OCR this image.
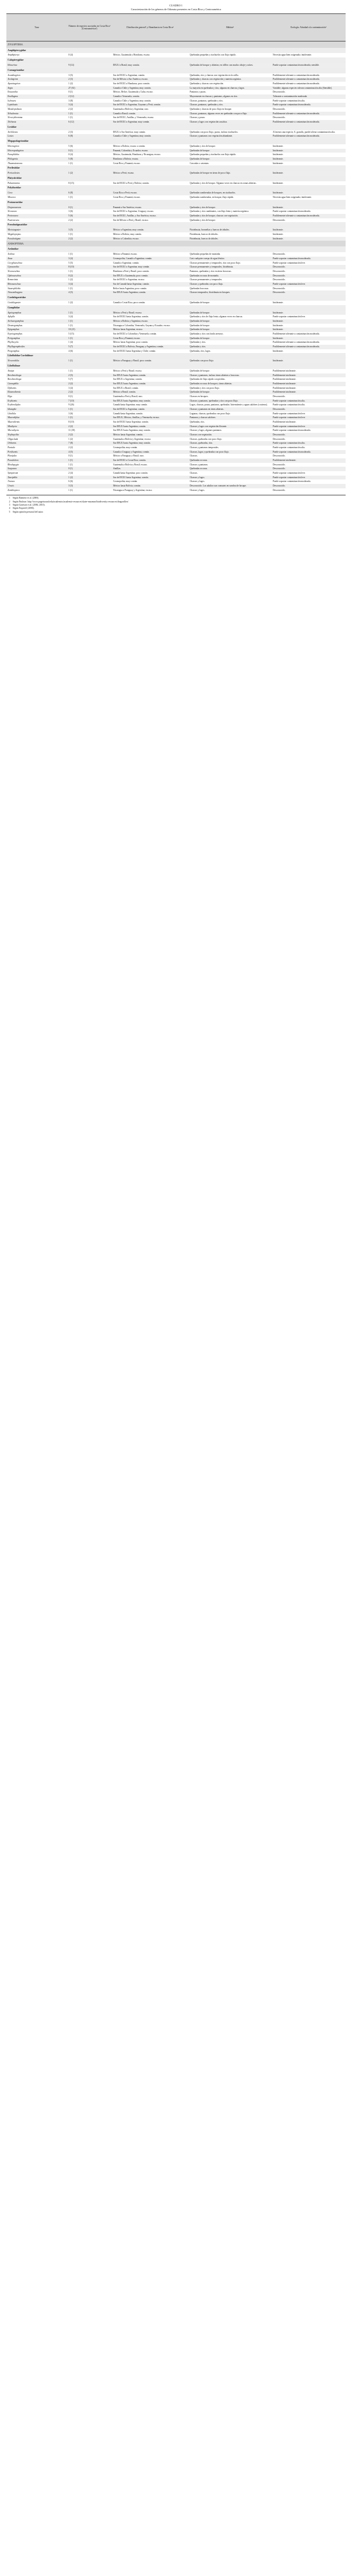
CUADRO 1
Caracterización de los géneros de Odonata presentes en Costa Rica y Centroamérica
Taxa	Número de especies asociadas en Costa Rica¹ (Centroamérica²)	Distribución general³ y Abundancia en Costa Rica⁴	Hábitat⁴	Ecología: Afinidad a la contaminación⁵
ZYGOPTERA				
Amphipterygidae				
Amphipteryx	0 (4)	México, Guatemala y Honduras; escaso.	Quebradas pequeñas y riachuelos con flujo rápido.	Necesita agua bien oxigenada; intolerante.
Calopterygidae				
Hetaerina	9 (14)	EEUU a Brasil; muy común.	Quebradas de bosque y abiertas; en riffles con mucho oleaje y raíces.	Puede soportar contaminación moderada; sensible.
Coenagrionidae				
Acanthagrion	3 (5)	Sur de EEUU a Argentina; común.	Quebradas, ríos y charcas con vegetación en la orilla.	Posiblemente tolerante a contaminación moderada.
Aeolagrion	2 (3)	Sur de México a Sur América; escaso.	Quebradas y charcas con vegetación y materia orgánica.	Posiblemente tolerante a contaminación moderada.
Apanisagrion	1 (2)	Sur de EEUU a Honduras; poco común.	Quebradas y charcas con vegetación.	Posiblemente tolerante a contaminación moderada.
Argia	27 (61)	Canadá a Chile y Argentina; muy común.	La mayoría en quebradas y ríos, algunas en charcas y lagos.	Variable; algunas especies toleran contaminación alta (Sensible).
Enacantha	0 (1)	México, Belice, Guatemala y Cuba; escaso.	Pantanos y pozas.	Desconocido.
Enallagma	2 (12)	Canadá a Venezuela; común.	Mayormente en charcas y pantanos, algunos en ríos.	Tolerante a contaminación moderada.
Ischnura	3 (8)	Canadá a Chile y Argentina; muy común.	Charcas, pantanos, quebradas y ríos.	Puede soportar contaminación alta.
Leptobasis	3 (4)	Sur de EEUU a Argentina, Guyanas y Perú; común.	Charcas, pantanos, quebradas y ríos.	Puede soportar contaminación moderada.
Metaleptobasis	2 (2)	Guatemala a Bolivia y Argentina; raro.	Quebradas y charcas de poco flujo en bosque.	Desconocido.
Nehalennia	1 (1)	Canadá a Brasil; común.	Charcas, pantanos, algunas veces en quebradas con poco flujo.	Posiblemente tolerante a contaminación moderada.
Neoerythromma	1 (1)	Sur de EEUU, Antillas, y Venezuela; escaso.	Charcas y pozas.	Desconocido.
Telebasis	6 (12)	Sur de EEUU a Argentina; muy común.	Charcas y lagos con vegetación acuática.	Posiblemente tolerante a contaminación moderada.
Lestidae				
Archilestes	2 (3)	EEUU a Sur América; muy común.	Quebradas con poco flujo, pozas, incluso riachuelos.	Al menos una especie, A. grandis, puede tolerar contaminación alta.
Lestes	6 (8)	Canadá a Chile y Argentina; muy común.	Charcas y pantanos con vegetación abundante.	Posiblemente tolerante a contaminación moderada.
Megapodagrionidae				
Heteragrion	5 (6)	México a Bolivia; escaso a común.	Quebradas y ríos de bosque.	Intolerante.
Heteropodagrion	0 (1)	Panamá, Colombia y Ecuador; escaso.	Quebradas de bosque.	Intolerante.
Paraphlebia	0 (4)	México, Guatemala, Honduras y Nicaragua; escaso.	Quebradas pequeñas y riachuelos con flujo rápido.	Intolerante.
Philogenia	5 (8)	Honduras a Bolivia; escaso.	Quebradas de bosque.	Intolerante.
Thaumatoneura	1 (1)	Costa Rica y Panamá; escaso.	Cascadas o cataratas.	Intolerante.
Perilestidae				
Perissolestes	1 (2)	México a Perú; escaso.	Quebradas de bosque en áreas de poco flujo.	Intolerante.
Platystictidae				
Palaemnema	8 (15)	Sur de EEUU a Perú y Bolivia; común.	Quebradas y ríos de bosque. Algunas veces en charcas en zonas abiertas.	Intolerante.
Polythoridae				
Cora	6 (8)	Costa Rica a Perú; escaso.	Quebradas sombreadas de bosques, en riachuelos.	Intolerante.
Miocora	1 (1)	Costa Rica y Panamá; escaso.	Quebradas sombreadas, en bosque, flujo rápido.	Necesita agua bien oxigenada; intolerante.
Protoneuridae				
Drepanoneura	0 (1)	Panamá a Sur América; escaso.	Quebradas y ríos de bosque.	Intolerante.
Neoneura	3 (6)	Sur de EEUU a Argentina, Uruguay; escaso.	Quebradas y ríos cambiantes, con flujo lento y materia orgánica.	Puede soportar contaminación moderada.
Protoneura	5 (6)	Sur de EEUU, Antillas, y Sur América; escaso.	Quebradas y ríos de bosque, charcas con vegetación.	Posiblemente tolerante a contaminación moderada.
Psaironeura	2 (2)	Sur de México a Perú y Brasil; escaso.	Quebradas y ríos de bosque.	Desconocido.
Pseudostigmatidae				
Mecistogaster	3 (5)	México a Argentina; muy común.	Fitotelmata, bromelias y huecos de árboles.	Intolerante.
Megaloprepus	1 (1)	México a Bolivia; muy común.	Fitotelmata, huecos de árboles.	Intolerante.
Pseudostigma	2 (2)	México a Colombia; escaso.	Fitotelmata, huecos de árboles.	Intolerante.
ANISOPTERA				
Aeshnidae				
Aeshna	1 (1)	México a Panamá; escaso.	Quebradas pequeñas de montaña.	Desconocido.
Anax	3 (4)	Cosmopolita, Canadá a Argentina; común.	Casi cualquier cuerpo de agua léntico.	Puede soportar contaminación moderada.
Coryphaeschna	5 (5)	Canadá a Argentina; común.	Charcas permanentes y temporales, ríos con poco flujo.	Puede soportar contaminación leve.
Gynacantha	8 (10)	Sur de EEUU a Argentina; muy común.	Charcas permanentes y temporales, fitotelmata.	Desconocido.
Neuraeschna	1 (1)	Honduras a Perú y Brasil; poco común.	Pantanos, quebradas y ríos en áreas boscosas.	Desconocido.
Oplonaeschna	0 (2)	Sur EEUU a Guatemala; poco común.	Quebradas rocosas de montaña.	Desconocido.
Remartinia	1 (2)	Sur de EEUU a Argentina; escaso.	Charcas permanentes y temporales.	Desconocido.
Rhionaeschna	3 (4)	Sur de Canadá hasta Argentina; común.	Charcas y quebradas con poco flujo.	Puede soportar contaminación leve.
Staurophlebia	1 (1)	Belice hasta Argentina; poco común.	Quebradas boscosas.	Desconocido.
Triacanthagyna	4 (5)	Sur EEUU hasta Argentina; común.	Charcas temporales, fitotelmata en bosques.	Desconocido.
Cordulegastridae				
Cordulegaster	1 (2)	Canadá a Costa Rica; poco común.	Quebradas de bosque.	Intolerante.
Gomphidae				
Agriogomphus	1 (1)	México a Perú y Brasil; escaso.	Quebradas de bosque.	Intolerante.
Aphylla	3 (4)	Sur de EEUU hasta Argentina; común.	Quebradas y ríos de flujo lento; algunas veces en charcas.	Puede soportar contaminación leve.
Archaeogomphus	1 (1)	México a Bolivia y Argentina; escaso.	Quebradas de bosque.	Intolerante.
Desmogomphus	1 (1)	Nicaragua a Colombia, Venezuela, Guyana y Ecuador; escaso.	Quebradas de bosque.	Intolerante.
Epigomphus	10 (21)	México hasta Argentina; escaso.	Quebradas de bosque.	Intolerante.
Erpetogomphus	5 (15)	Sur de EEUU a Colombia y Venezuela; común.	Quebradas y ríos con fondo arenoso.	Posiblemente tolerante a contaminación moderada.
Perigomphus	1 (1)	Costa Rica y Panamá; escaso.	Quebradas de bosque.	Intolerante.
Phyllocycla	1 (4)	México hasta Argentina; poco común.	Quebradas y ríos.	Posiblemente tolerante a contaminación moderada.
Phyllogomphoides	5 (7)	Sur de EEUU a Bolivia, Paraguay y Argentina; común.	Quebradas y ríos.	Posiblemente tolerante a contaminación moderada.
Progomphus	4 (6)	Sur de EEUU hasta Argentina y Chile; común.	Quebradas, ríos, lagos.	Intolerante.
Libellulidae Corduliinae				
Neocordulia	1 (1)	México a Paraguay y Brasil; poco común.	Quebradas con poco flujo.	Intolerante.
Libellulinae				
Anatya	1 (1)	México a Perú y Brasil; escaso.	Quebradas de bosque.	Posiblemente intolerante.
Brechmorhoga	2 (5)	Sur EEUU hasta Argentina; común.	Charcas y pantanos, incluso áreas abiertas o boscosas.	Posiblemente intolerante.
Brechmorhoga	5 (7)	Sur EEUU a Argentina; común.	Quebradas de flujo rápido con piedras.	Posiblemente intolerante.
Cannaphila	2 (2)	Sur EEUU hasta Argentina; común.	Quebradas rocosas de bosque y áreas abiertas.	Posiblemente intolerante.
Dythemis	3 (4)	Sur EEUU a Brasil; común.	Quebradas y ríos con poco flujo.	Posiblemente intolerante.
Elasmothemis	2 (2)	México a Brasil; común.	Quebradas de bosque.	Posiblemente intolerante.
Elga	0 (1)	Guatemala a Perú y Brasil; raro.	Charcas en bosques.	Desconocido.
Erythemis	7 (10)	Sur EEUU hasta Argentina; muy común.	Charcas y pantanos, quebradas y ríos con poco flujo.	Puede soportar contaminación alta.
Erythrodiplax	9 (26)	Canadá hasta Argentina; muy común.	Lagos, charcas, pozas, pantanos, quebradas. Intermitente y aguas salobres (costeras).	Puede soportar contaminación alta.
Idiataphe	1 (1)	Sur de EEUU a Argentina; común.	Charcas y pantanos en áreas abiertas.	Desconocido.
Libellula	3 (6)	Canadá hasta Argentina; común.	Lagunas, charcas, quebradas con poco flujo.	Puede soportar contaminación leve.
Macrodiplax	1 (1)	Sur EEUU, México, Antillas, y Venezuela; escaso.	Pantanos y charcas salobres.	Puede soportar contaminación leve.
Macrothemis	8 (10)	Sur de EEUU hasta Argentina; común.	Quebradas, ríos.	Posiblemente intolerante.
Miathyria	2 (2)	Sur EEUU hasta Argentina; común.	Charcas y lagos con vegetación flotante.	Puede soportar contaminación leve.
Micrathyria	11 (18)	Sur EEUU hasta Argentina; muy común.	Charcas y lagos, algunos pantanos.	Puede soportar contaminación moderada.
Nephepeltia	2 (2)	México hasta Argentina; común.	Charcas con vegetación.	Desconocido.
Oligoclada	1 (2)	Guatemala a Bolivia y Argentina; escaso.	Charcas, quebradas con poco flujo.	Desconocido.
Orthemis	7 (8)	Sur EEUU hasta Argentina; muy común.	Charcas, quebradas, ríos.	Puede soportar contaminación alta.
Pantala	2 (2)	Cosmopolita; muy común.	Charcas y pantanos temporales.	Puede soportar contaminación alta.
Perithemis	4 (5)	Canadá a Uruguay y Argentina; común.	Charcas, lagos y quebradas con poco flujo.	Puede soportar contaminación moderada.
Planiplax	0 (1)	México a Paraguay y Brasil; raro.	Charcas.	Desconocido.
Pseudoleon	1 (1)	Sur de EEUU a Costa Rica; común.	Quebradas rocosas.	Posiblemente intolerante.
Rhodopygia	1 (1)	Guatemala a Bolivia y Brasil; escaso.	Charcas y pantanos.	Desconocido.
Scapanea	0 (1)	Antillas.	Quebradas rocosas.	Desconocido.
Sympetrum	2 (4)	Canadá hasta Argentina; poco común.	Charcas.	Puede soportar contaminación leve.
Tauriphila	1 (2)	Sur de EEUU hasta Argentina; común.	Charcas y lagos.	Puede soportar contaminación leve.
Tramea	6 (6)	Cosmopolita; muy común.	Charcas y lagos.	Puede soportar contaminación moderada.
Uracis	3 (3)	México hasta Bolivia; común.	Desconocido. Los adultos son comunes en sombra de bosque.	Desconocido.
Zenithoptera	1 (1)	Nicaragua a Paraguay y Argentina; escaso.	Charcas y lagos.	Desconocido.
1 Según Ramírez et al. (2000).
2 Según Paulson: http://www.pugetsound.edu/academics/academic-resources/slater-museum/biodiversity-resources/dragonflies/
3 Según Garrison et al. (2006, 2010).
4 Según Esquivel (2006).
5 Según opinión personal del autor.
